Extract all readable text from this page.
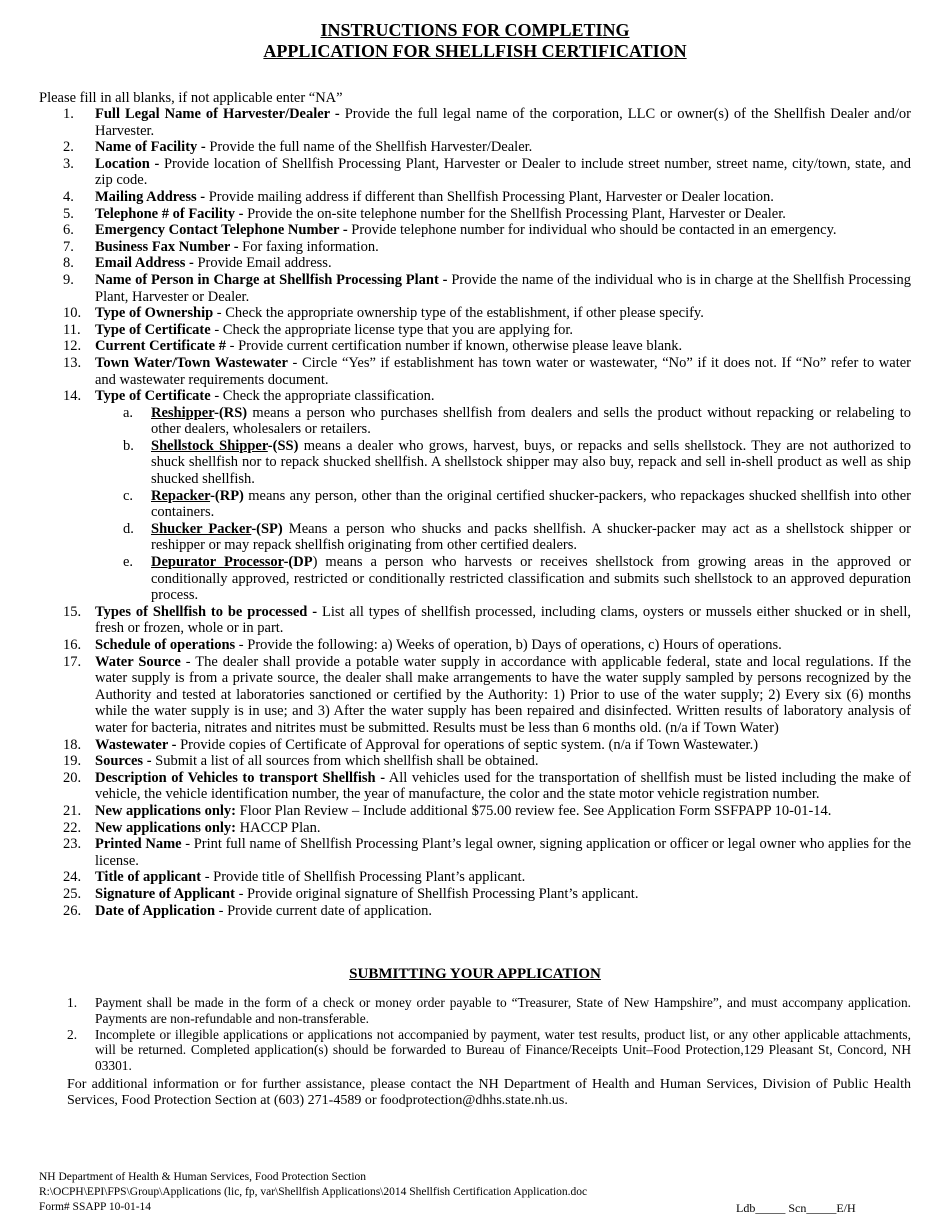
INSTRUCTIONS FOR COMPLETING
APPLICATION FOR SHELLFISH CERTIFICATION
Please fill in all blanks, if not applicable enter “NA”
1.	Full Legal Name of Harvester/Dealer - Provide the full legal name of the corporation, LLC or owner(s) of the Shellfish Dealer and/or Harvester.
2.	Name of Facility - Provide the full name of the Shellfish Harvester/Dealer.
3.	Location - Provide location of Shellfish Processing Plant, Harvester or Dealer to include street number, street name, city/town, state, and zip code.
4.	Mailing Address - Provide mailing address if different than Shellfish Processing Plant, Harvester or Dealer location.
5.	Telephone # of Facility - Provide the on-site telephone number for the Shellfish Processing Plant, Harvester or Dealer.
6.	Emergency Contact Telephone Number - Provide telephone number for individual who should be contacted in an emergency.
7.	Business Fax Number - For faxing information.
8.	Email Address - Provide Email address.
9.	Name of Person in Charge at Shellfish Processing Plant - Provide the name of the individual who is in charge at the Shellfish Processing Plant, Harvester or Dealer.
10. Type of Ownership - Check the appropriate ownership type of the establishment, if other please specify.
11. Type of Certificate - Check the appropriate license type that you are applying for.
12. Current Certificate # - Provide current certification number if known, otherwise please leave blank.
13. Town Water/Town Wastewater - Circle “Yes” if establishment has town water or wastewater, “No” if it does not. If “No” refer to water and wastewater requirements document.
14. Type of Certificate - Check the appropriate classification.
a. Reshipper-(RS) means a person who purchases shellfish from dealers and sells the product without repacking or relabeling to other dealers, wholesalers or retailers.
b. Shellstock Shipper-(SS) means a dealer who grows, harvest, buys, or repacks and sells shellstock. They are not authorized to shuck shellfish nor to repack shucked shellfish. A shellstock shipper may also buy, repack and sell in-shell product as well as ship shucked shellfish.
c. Repacker-(RP) means any person, other than the original certified shucker-packers, who repackages shucked shellfish into other containers.
d. Shucker Packer-(SP) Means a person who shucks and packs shellfish. A shucker-packer may act as a shellstock shipper or reshipper or may repack shellfish originating from other certified dealers.
e. Depurator Processor-(DP) means a person who harvests or receives shellstock from growing areas in the approved or conditionally approved, restricted or conditionally restricted classification and submits such shellstock to an approved depuration process.
15. Types of Shellfish to be processed - List all types of shellfish processed, including clams, oysters or mussels either shucked or in shell, fresh or frozen, whole or in part.
16. Schedule of operations - Provide the following: a) Weeks of operation, b) Days of operations, c) Hours of operations.
17. Water Source - The dealer shall provide a potable water supply in accordance with applicable federal, state and local regulations. If the water supply is from a private source, the dealer shall make arrangements to have the water supply sampled by persons recognized by the Authority and tested at laboratories sanctioned or certified by the Authority: 1) Prior to use of the water supply; 2) Every six (6) months while the water supply is in use; and 3) After the water supply has been repaired and disinfected. Written results of laboratory analysis of water for bacteria, nitrates and nitrites must be submitted. Results must be less than 6 months old. (n/a if Town Water)
18. Wastewater - Provide copies of Certificate of Approval for operations of septic system. (n/a if Town Wastewater.)
19. Sources - Submit a list of all sources from which shellfish shall be obtained.
20. Description of Vehicles to transport Shellfish - All vehicles used for the transportation of shellfish must be listed including the make of vehicle, the vehicle identification number, the year of manufacture, the color and the state motor vehicle registration number.
21. New applications only: Floor Plan Review – Include additional $75.00 review fee. See Application Form SSFPAPP 10-01-14.
22. New applications only: HACCP Plan.
23. Printed Name - Print full name of Shellfish Processing Plant’s legal owner, signing application or officer or legal owner who applies for the license.
24. Title of applicant - Provide title of Shellfish Processing Plant’s applicant.
25. Signature of Applicant - Provide original signature of Shellfish Processing Plant’s applicant.
26. Date of Application - Provide current date of application.
SUBMITTING YOUR APPLICATION
1. Payment shall be made in the form of a check or money order payable to “Treasurer, State of New Hampshire”, and must accompany application. Payments are non-refundable and non-transferable.
2. Incomplete or illegible applications or applications not accompanied by payment, water test results, product list, or any other applicable attachments, will be returned. Completed application(s) should be forwarded to Bureau of Finance/Receipts Unit–Food Protection,129 Pleasant St, Concord, NH 03301.
For additional information or for further assistance, please contact the NH Department of Health and Human Services, Division of Public Health Services, Food Protection Section at (603) 271-4589 or foodprotection@dhhs.state.nh.us.
NH Department of Health & Human Services, Food Protection Section
R:\OCPH\EPI\FPS\Group\Applications (lic, fp, var\Shellfish Applications\2014 Shellfish Certification Application.doc
Form# SSAPP 10-01-14	Ldb_____ Scn_____E/H
